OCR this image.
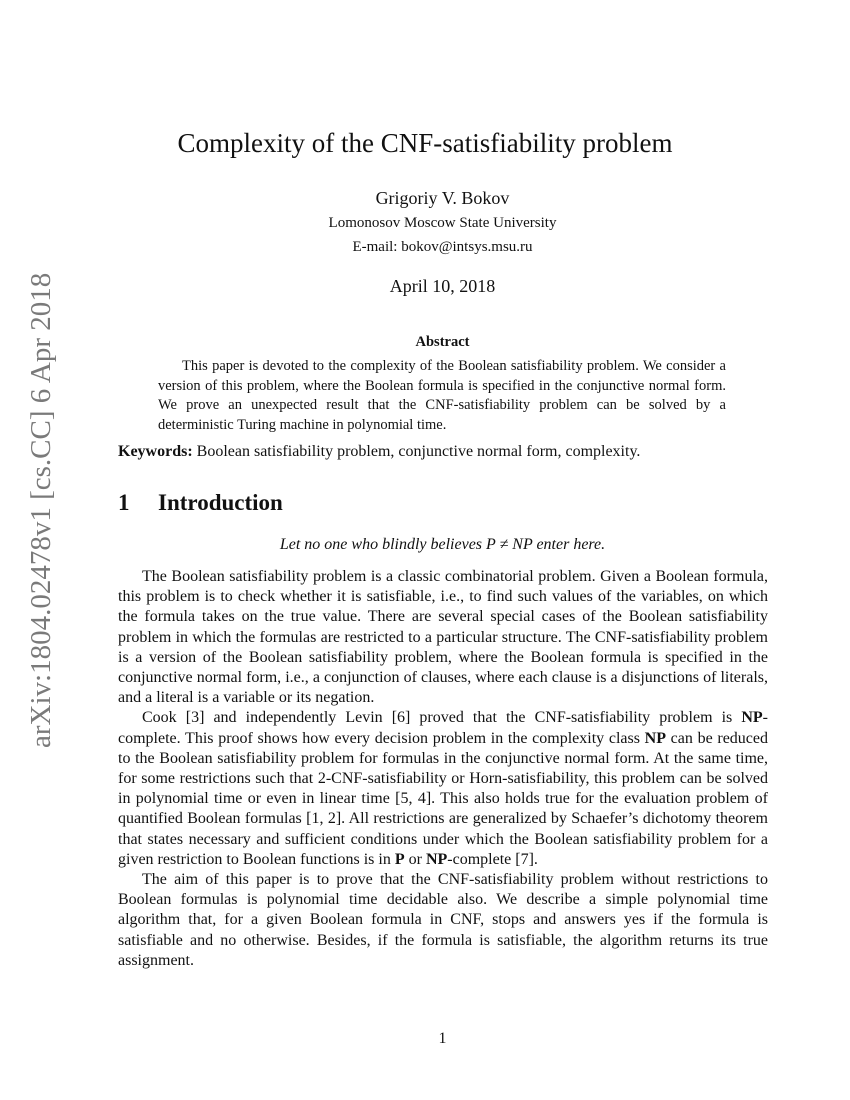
arXiv:1804.02478v1 [cs.CC] 6 Apr 2018
Complexity of the CNF-satisfiability problem
Grigoriy V. Bokov
Lomonosov Moscow State University
E-mail: bokov@intsys.msu.ru
April 10, 2018
Abstract
This paper is devoted to the complexity of the Boolean satisfiability problem. We consider a version of this problem, where the Boolean formula is specified in the conjunctive normal form. We prove an unexpected result that the CNF-satisfiability problem can be solved by a deterministic Turing machine in polynomial time.
Keywords: Boolean satisfiability problem, conjunctive normal form, complexity.
1 Introduction
Let no one who blindly believes P ≠ NP enter here.

The Boolean satisfiability problem is a classic combinatorial problem. Given a Boolean formula, this problem is to check whether it is satisfiable, i.e., to find such values of the variables, on which the formula takes on the true value. There are several special cases of the Boolean satisfiability problem in which the formulas are restricted to a particular structure. The CNF-satisfiability problem is a version of the Boolean satisfiability problem, where the Boolean formula is specified in the conjunctive normal form, i.e., a conjunction of clauses, where each clause is a disjunctions of literals, and a literal is a variable or its negation.

Cook [3] and independently Levin [6] proved that the CNF-satisfiability problem is NP-complete. This proof shows how every decision problem in the complexity class NP can be reduced to the Boolean satisfiability problem for formulas in the conjunctive normal form. At the same time, for some restrictions such that 2-CNF-satisfiability or Horn-satisfiability, this problem can be solved in polynomial time or even in linear time [5, 4]. This also holds true for the evaluation problem of quantified Boolean formulas [1, 2]. All restrictions are generalized by Schaefer’s dichotomy theorem that states necessary and sufficient conditions under which the Boolean satisfiability problem for a given restriction to Boolean functions is in P or NP-complete [7].

The aim of this paper is to prove that the CNF-satisfiability problem without restrictions to Boolean formulas is polynomial time decidable also. We describe a simple polynomial time algorithm that, for a given Boolean formula in CNF, stops and answers yes if the formula is satisfiable and no otherwise. Besides, if the formula is satisfiable, the algorithm returns its true assignment.

1
